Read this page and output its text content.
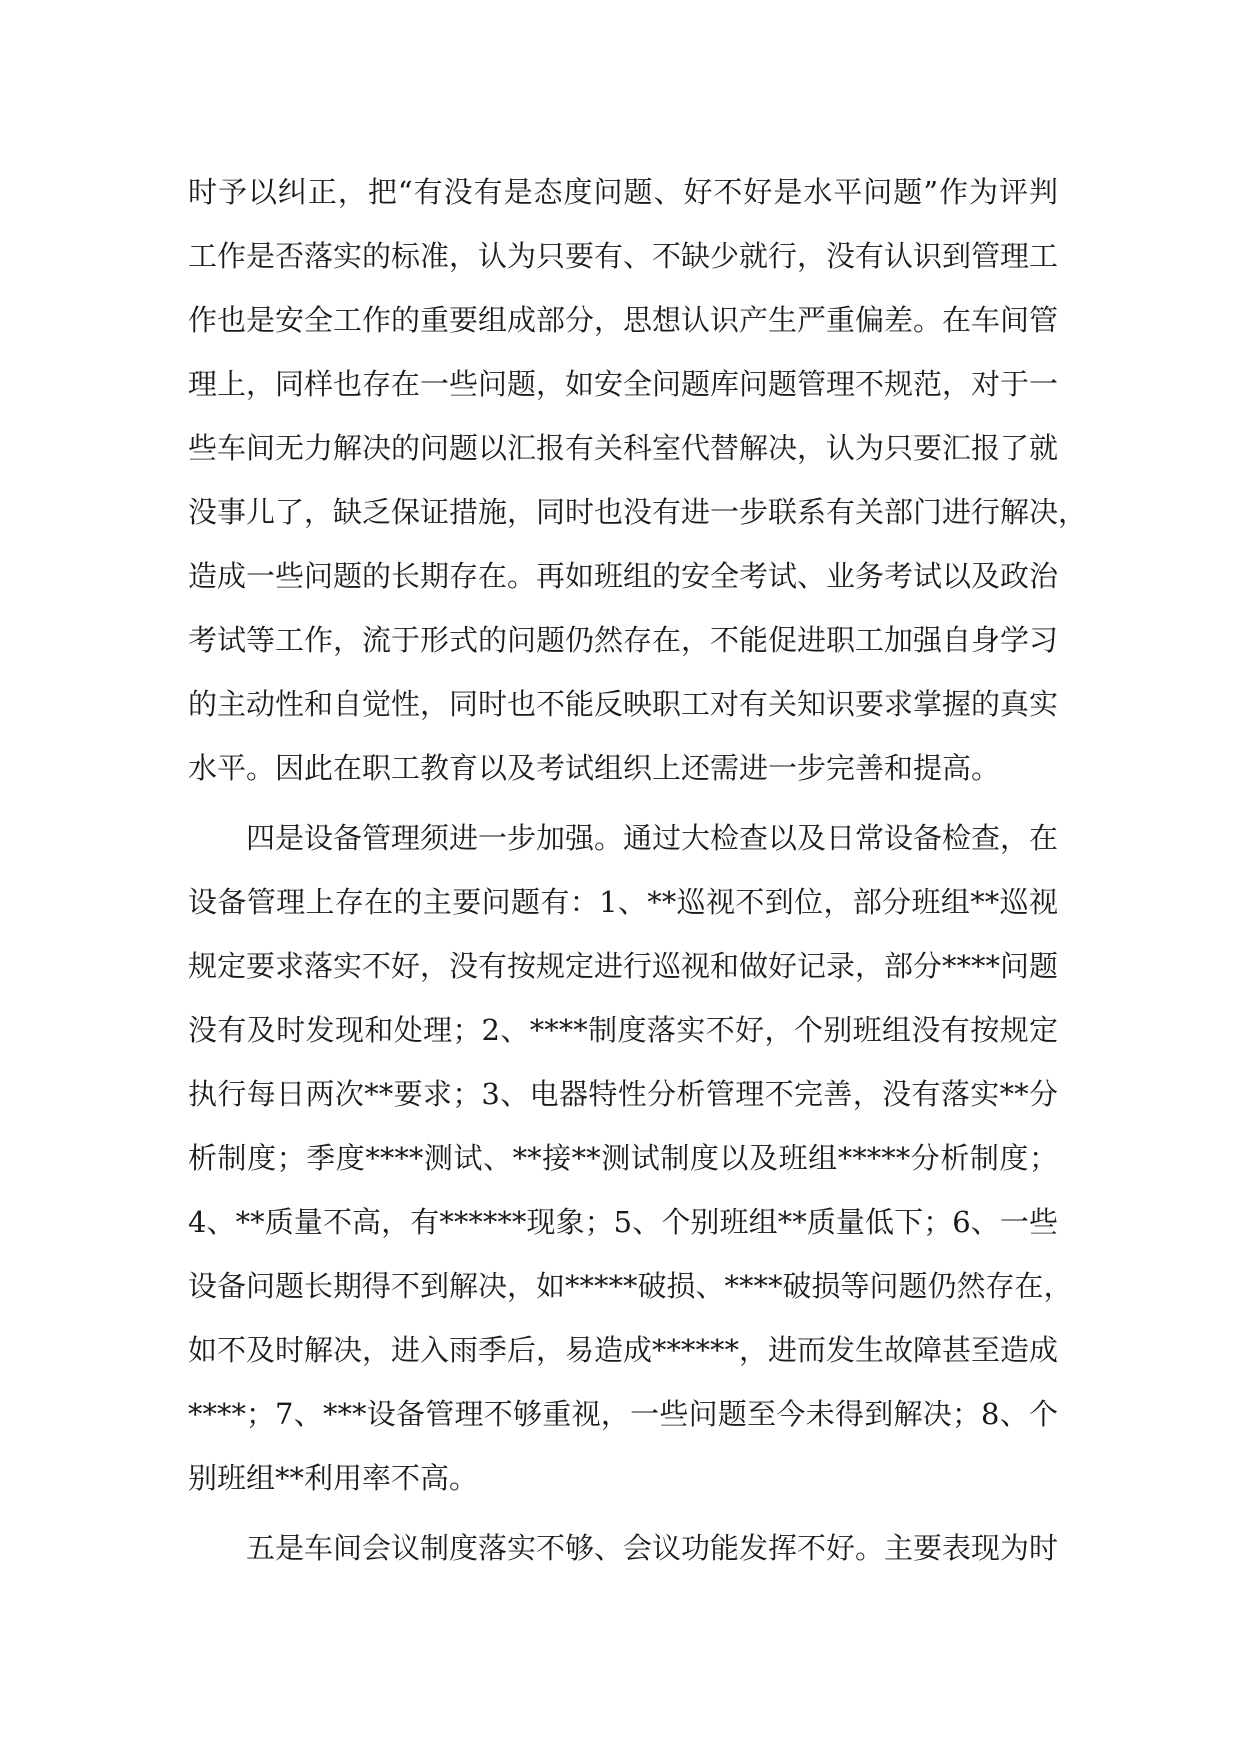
时予以纠正，把“有没有是态度问题、好不好是水平问题”作为评判
工作是否落实的标准，认为只要有、不缺少就行，没有认识到管理工
作也是安全工作的重要组成部分，思想认识产生严重偏差。在车间管
理上，同样也存在一些问题，如安全问题库问题管理不规范，对于一
些车间无力解决的问题以汇报有关科室代替解决，认为只要汇报了就
没事儿了，缺乏保证措施，同时也没有进一步联系有关部门进行解决，
造成一些问题的长期存在。再如班组的安全考试、业务考试以及政治
考试等工作，流于形式的问题仍然存在，不能促进职工加强自身学习
的主动性和自觉性，同时也不能反映职工对有关知识要求掌握的真实
水平。因此在职工教育以及考试组织上还需进一步完善和提高。
四是设备管理须进一步加强。通过大检查以及日常设备检查，在
设备管理上存在的主要问题有：1、**巡视不到位，部分班组**巡视
规定要求落实不好，没有按规定进行巡视和做好记录，部分****问题
没有及时发现和处理；2、****制度落实不好，个别班组没有按规定
执行每日两次**要求；3、电器特性分析管理不完善，没有落实**分
析制度；季度****测试、**接**测试制度以及班组*****分析制度；
4、**质量不高，有******现象；5、个别班组**质量低下；6、一些
设备问题长期得不到解决，如*****破损、****破损等问题仍然存在，
如不及时解决，进入雨季后，易造成******，进而发生故障甚至造成
****；7、***设备管理不够重视，一些问题至今未得到解决；8、个
别班组**利用率不高。
五是车间会议制度落实不够、会议功能发挥不好。主要表现为时
